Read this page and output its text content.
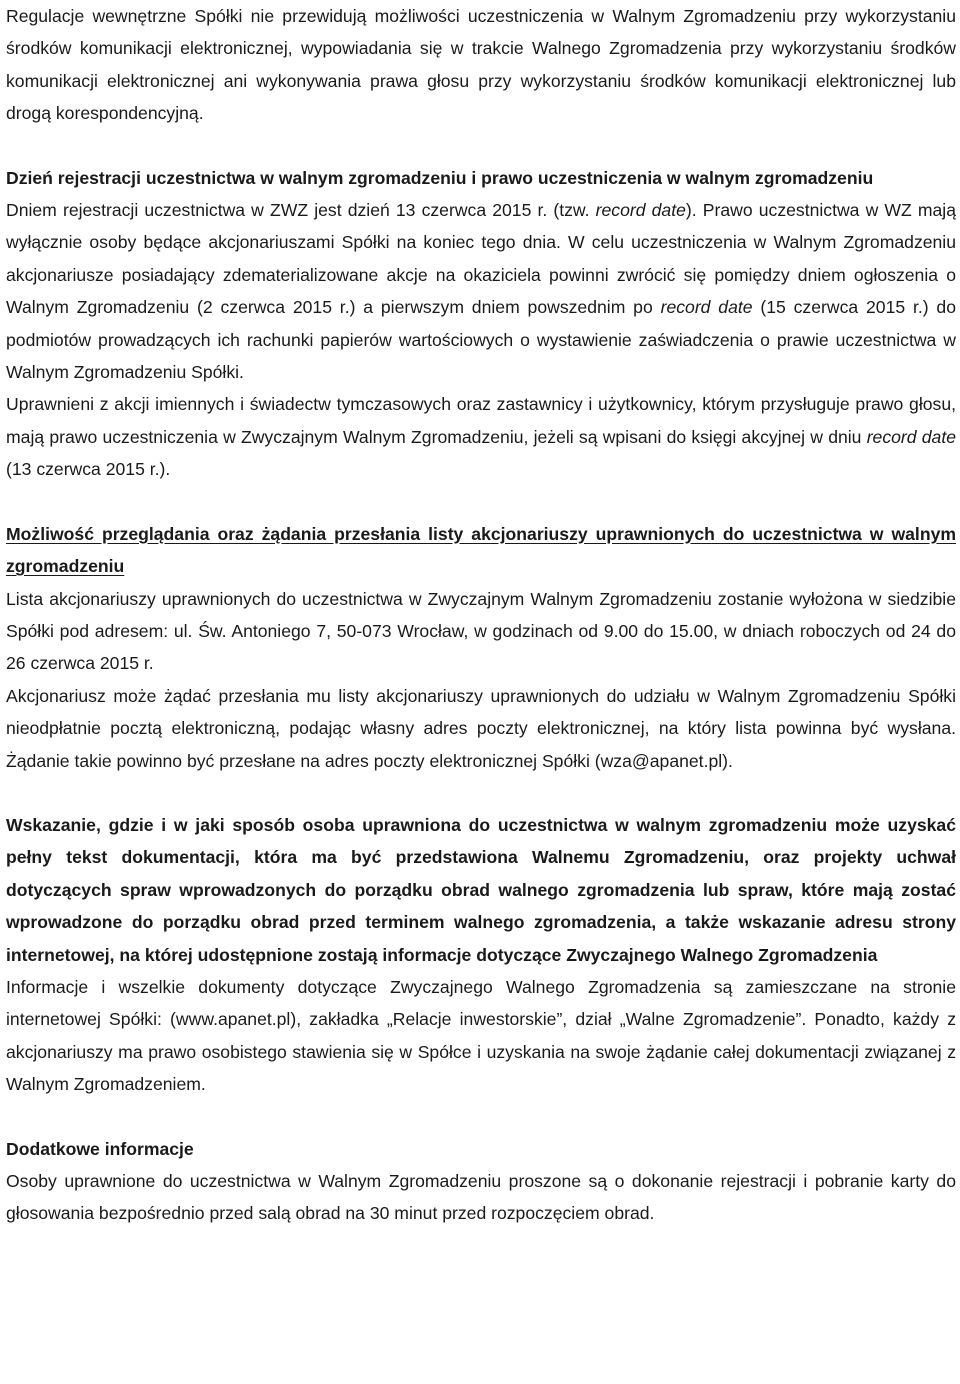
Regulacje wewnętrzne Spółki nie przewidują możliwości uczestniczenia w Walnym Zgromadzeniu przy wykorzystaniu środków komunikacji elektronicznej, wypowiadania się w trakcie Walnego Zgromadzenia przy wykorzystaniu środków komunikacji elektronicznej ani wykonywania prawa głosu przy wykorzystaniu środków komunikacji elektronicznej lub drogą korespondencyjną.

Dzień rejestracji uczestnictwa w walnym zgromadzeniu i prawo uczestniczenia w walnym zgromadzeniu

Dniem rejestracji uczestnictwa w ZWZ jest dzień 13 czerwca 2015 r. (tzw. record date). Prawo uczestnictwa w WZ mają wyłącznie osoby będące akcjonariuszami Spółki na koniec tego dnia. W celu uczestniczenia w Walnym Zgromadzeniu akcjonariusze posiadający zdematerializowane akcje na okaziciela powinni zwrócić się pomiędzy dniem ogłoszenia o Walnym Zgromadzeniu (2 czerwca 2015 r.) a pierwszym dniem powszednim po record date (15 czerwca 2015 r.) do podmiotów prowadzących ich rachunki papierów wartościowych o wystawienie zaświadczenia o prawie uczestnictwa w Walnym Zgromadzeniu Spółki.

Uprawnieni z akcji imiennych i świadectw tymczasowych oraz zastawnicy i użytkownicy, którym przysługuje prawo głosu, mają prawo uczestniczenia w Zwyczajnym Walnym Zgromadzeniu, jeżeli są wpisani do księgi akcyjnej w dniu record date (13 czerwca 2015 r.).

Możliwość przeglądania oraz żądania przesłania listy akcjonariuszy uprawnionych do uczestnictwa w walnym zgromadzeniu

Lista akcjonariuszy uprawnionych do uczestnictwa w Zwyczajnym Walnym Zgromadzeniu zostanie wyłożona w siedzibie Spółki pod adresem: ul. Św. Antoniego 7, 50-073 Wrocław, w godzinach od 9.00 do 15.00, w dniach roboczych od 24 do 26 czerwca 2015 r.

Akcjonariusz może żądać przesłania mu listy akcjonariuszy uprawnionych do udziału w Walnym Zgromadzeniu Spółki nieodpłatnie pocztą elektroniczną, podając własny adres poczty elektronicznej, na który lista powinna być wysłana. Żądanie takie powinno być przesłane na adres poczty elektronicznej Spółki (wza@apanet.pl).

Wskazanie, gdzie i w jaki sposób osoba uprawniona do uczestnictwa w walnym zgromadzeniu może uzyskać pełny tekst dokumentacji, która ma być przedstawiona Walnemu Zgromadzeniu, oraz projekty uchwał dotyczących spraw wprowadzonych do porządku obrad walnego zgromadzenia lub spraw, które mają zostać wprowadzone do porządku obrad przed terminem walnego zgromadzenia, a także wskazanie adresu strony internetowej, na której udostępnione zostają informacje dotyczące Zwyczajnego Walnego Zgromadzenia

Informacje i wszelkie dokumenty dotyczące Zwyczajnego Walnego Zgromadzenia są zamieszczane na stronie internetowej Spółki: (www.apanet.pl), zakładka „Relacje inwestorskie”, dział „Walne Zgromadzenie”. Ponadto, każdy z akcjonariuszy ma prawo osobistego stawienia się w Spółce i uzyskania na swoje żądanie całej dokumentacji związanej z Walnym Zgromadzeniem.

Dodatkowe informacje

Osoby uprawnione do uczestnictwa w Walnym Zgromadzeniu proszone są o dokonanie rejestracji i pobranie karty do głosowania bezpośrednio przed salą obrad na 30 minut przed rozpoczęciem obrad.
